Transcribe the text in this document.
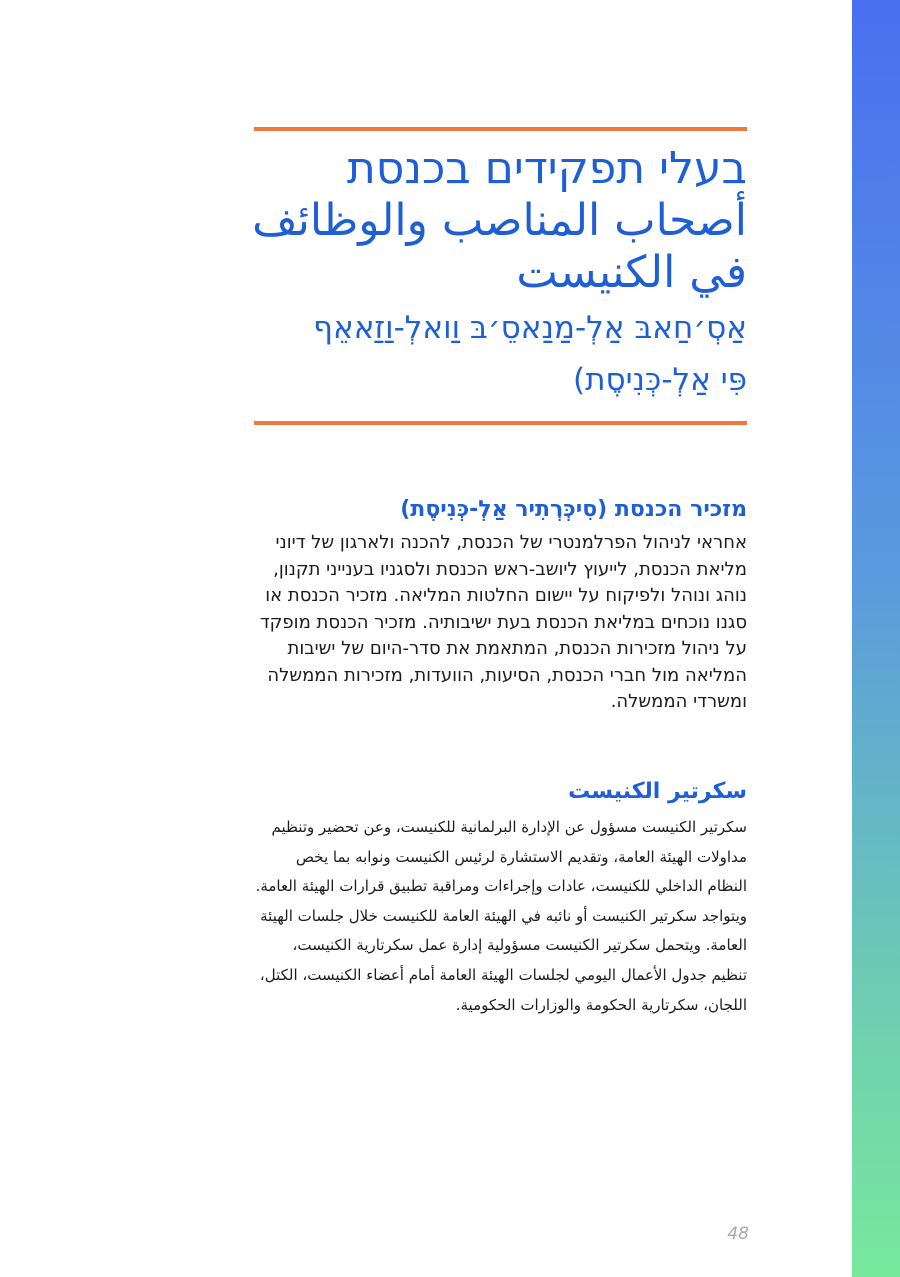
בעלי תפקידים בכנסת
أصحاب المناصب والوظائف
في الكنيست
אַסְ׳חַאבּ אַלְ-מַנַאסֵ׳בּ וַואלְ-וַזַאאֵף
פִּי אַלְ-כְּנִיסֶת)
מזכיר הכנסת (סִיכְּרְתִיר אַלְ-כְּנִיסֶת)

אחראי לניהול הפרלמנטרי של הכנסת, להכנה ולארגון של דיוני מליאת הכנסת, לייעוץ ליושב-ראש הכנסת ולסגניו בענייני תקנון, נוהג ונוהל ולפיקוח על יישום החלטות המליאה. מזכיר הכנסת או סגנו נוכחים במליאת הכנסת בעת ישיבותיה. מזכיר הכנסת מופקד על ניהול מזכירות הכנסת, המתאמת את סדר-היום של ישיבות המליאה מול חברי הכנסת, הסיעות, הוועדות, מזכירות הממשלה ומשרדי הממשלה.

سكرتير الكنيست

سكرتير الكنيست مسؤول عن الإدارة البرلمانية للكنيست، وعن تحضير وتنظيم مداولات الهيئة العامة، وتقديم الاستشارة لرئيس الكنيست ونوابه بما يخص النظام الداخلي للكنيست، عادات وإجراءات ومراقبة تطبيق قرارات الهيئة العامة. ويتواجد سكرتير الكنيست أو نائبه في الهيئة العامة للكنيست خلال جلسات الهيئة العامة. ويتحمل سكرتير الكنيست مسؤولية إدارة عمل سكرتارية الكنيست، تنظيم جدول الأعمال اليومي لجلسات الهيئة العامة أمام أعضاء الكنيست، الكتل، اللجان، سكرتارية الحكومة والوزارات الحكومية.

48
